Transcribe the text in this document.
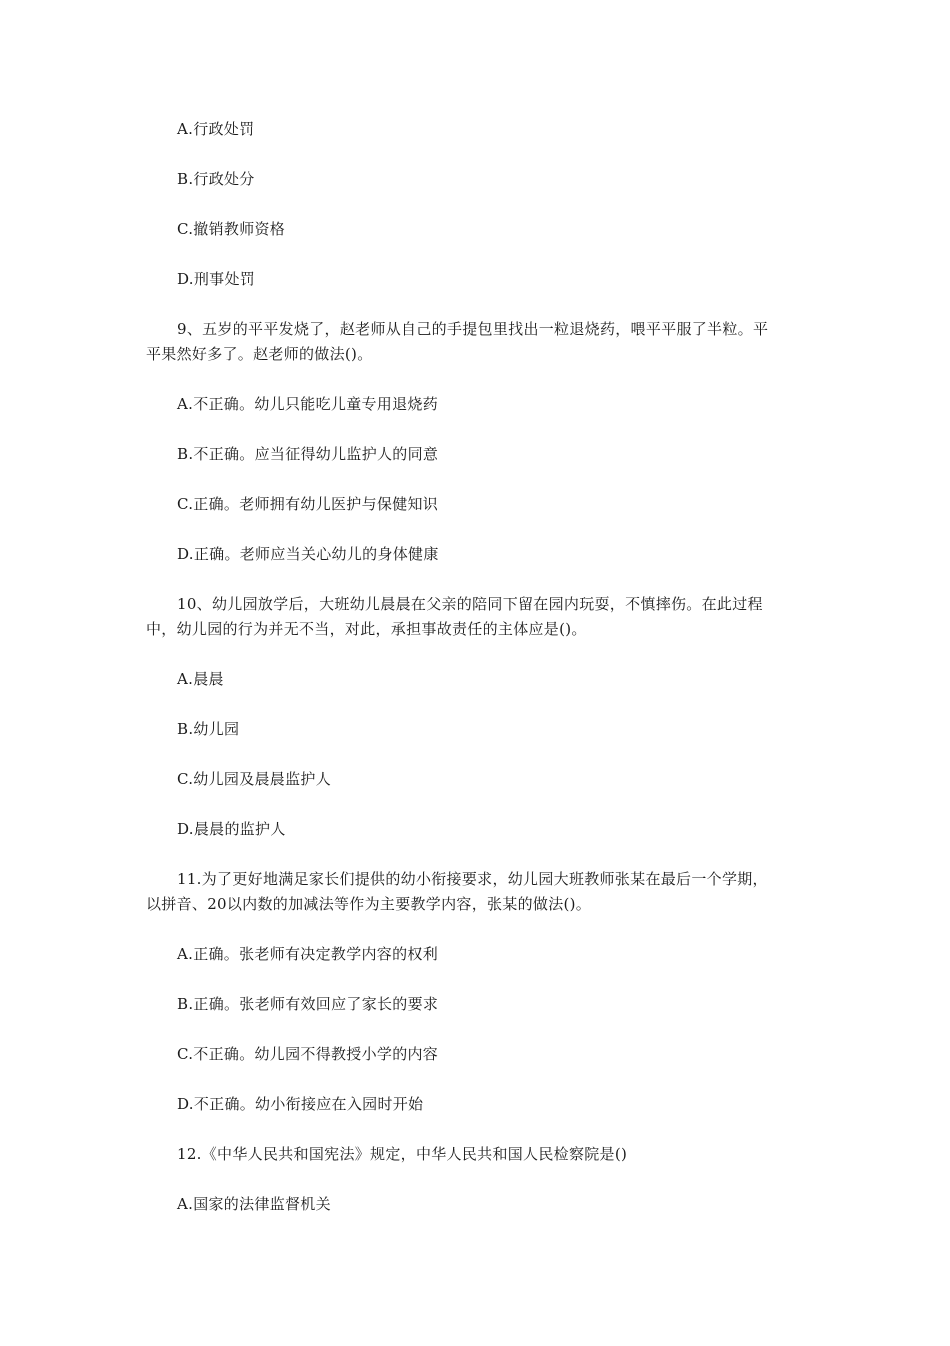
A.行政处罚
B.行政处分
C.撤销教师资格
D.刑事处罚
9、五岁的平平发烧了，赵老师从自己的手提包里找出一粒退烧药，喂平平服了半粒。平
平果然好多了。赵老师的做法()。
A.不正确。幼儿只能吃儿童专用退烧药
B.不正确。应当征得幼儿监护人的同意
C.正确。老师拥有幼儿医护与保健知识
D.正确。老师应当关心幼儿的身体健康
10、幼儿园放学后，大班幼儿晨晨在父亲的陪同下留在园内玩耍，不慎摔伤。在此过程
中，幼儿园的行为并无不当，对此，承担事故责任的主体应是()。
A.晨晨
B.幼儿园
C.幼儿园及晨晨监护人
D.晨晨的监护人
11.为了更好地满足家长们提供的幼小衔接要求，幼儿园大班教师张某在最后一个学期，
以拼音、20以内数的加减法等作为主要教学内容，张某的做法()。
A.正确。张老师有决定教学内容的权利
B.正确。张老师有效回应了家长的要求
C.不正确。幼儿园不得教授小学的内容
D.不正确。幼小衔接应在入园时开始
12.《中华人民共和国宪法》规定，中华人民共和国人民检察院是()
A.国家的法律监督机关
